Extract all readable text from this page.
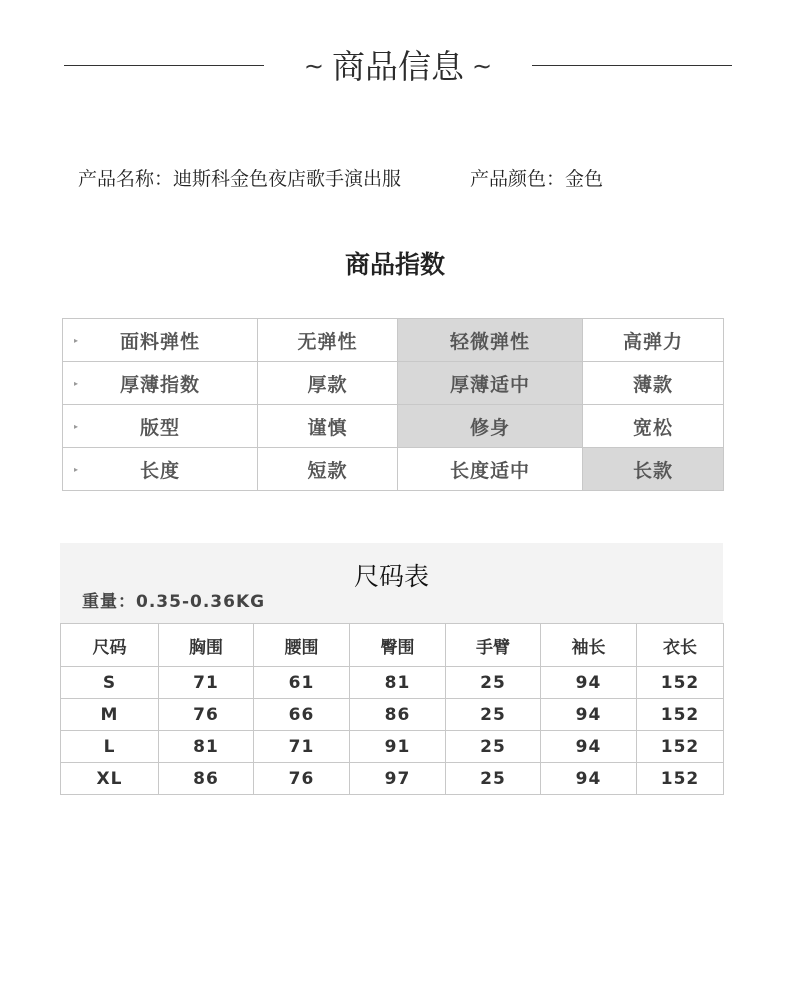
∼ 商品信息 ∼
产品名称：迪斯科金色夜店歌手演出服	产品颜色：金色
商品指数
▸ 面料弹性	无弹性	轻微弹性	高弹力

▸ 厚薄指数	厚款	厚薄适中	薄款

▸ 版型	谨慎	修身	宽松

▸ 长度	短款	长度适中	长款
尺码表
重量：0.35-0.36KG
尺码	胸围	腰围	臀围	手臂	袖长	衣长
S	71	61	81	25	94	152
M	76	66	86	25	94	152
L	81	71	91	25	94	152
XL	86	76	97	25	94	152
